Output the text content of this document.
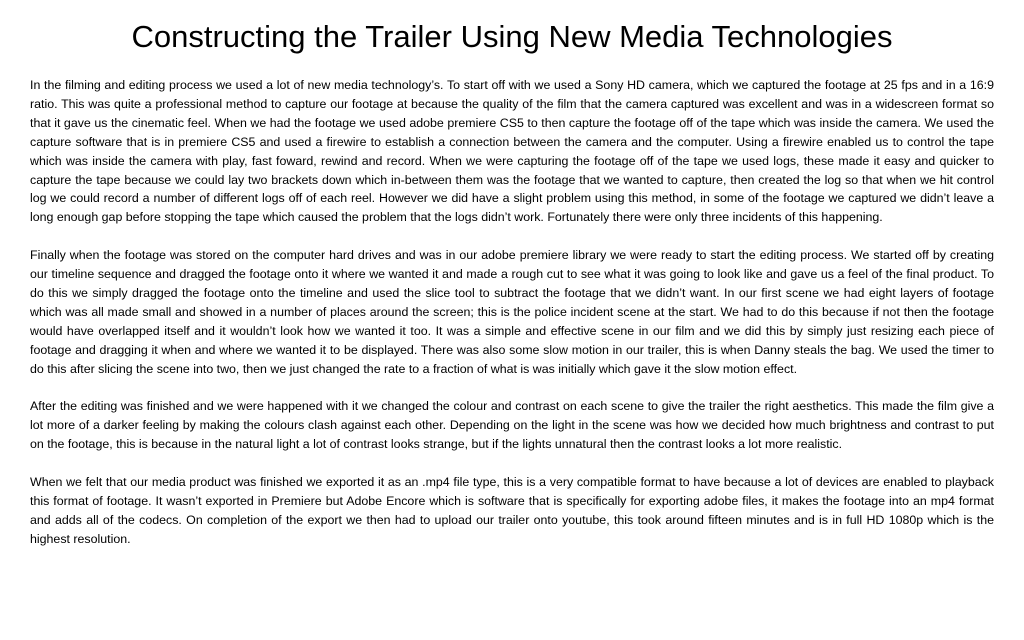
Constructing the Trailer Using New Media Technologies

In the filming and editing process we used a lot of new media technology’s. To start off with we used a Sony HD camera, which we captured the footage at 25 fps and in a 16:9 ratio. This was quite a professional method to capture our footage at because the quality of the film that the camera captured was excellent and was in a widescreen format so that it gave us the cinematic feel. When we had the footage we used adobe premiere CS5 to then capture the footage off of the tape which was inside the camera. We used the capture software that is in premiere CS5 and used a firewire to establish a connection between the camera and the computer. Using a firewire enabled us to control the tape which was inside the camera with play, fast foward, rewind and record. When we were capturing the footage off of the tape we used logs, these made it easy and quicker to capture the tape because we could lay two brackets down which in-between them was the footage that we wanted to capture, then created the log so that when we hit control log we could record a number of different logs off of each reel. However we did have a slight problem using this method, in some of the footage we captured we didn’t leave a long enough gap before stopping the tape which caused the problem that the logs didn’t work. Fortunately there were only three incidents of this happening.

Finally when the footage was stored on the computer hard drives and was in our adobe premiere library we were ready to start the editing process. We started off by creating our timeline sequence and dragged the footage onto it where we wanted it and made a rough cut to see what it was going to look like and gave us a feel of the final product. To do this we simply dragged the footage onto the timeline and used the slice tool to subtract the footage that we didn’t want. In our first scene we had eight layers of footage which was all made small and showed in a number of places around the screen; this is the police incident scene at the start. We had to do this because if not then the footage would have overlapped itself and it wouldn’t look how we wanted it too. It was a simple and effective scene in our film and we did this by simply just resizing each piece of footage and dragging it when and where we wanted it to be displayed. There was also some slow motion in our trailer, this is when Danny steals the bag. We used the timer to do this after slicing the scene into two, then we just changed the rate to a fraction of what is was initially which gave it the slow motion effect.

After the editing was finished and we were happened with it we changed the colour and contrast on each scene to give the trailer the right aesthetics. This made the film give a lot more of a darker feeling by making the colours clash against each other. Depending on the light in the scene was how we decided how much brightness and contrast to put on the footage, this is because in the natural light a lot of contrast looks strange, but if the lights unnatural then the contrast looks a lot more realistic.

When we felt that our media product was finished we exported it as an .mp4 file type, this is a very compatible format to have because a lot of devices are enabled to playback this format of footage. It wasn’t exported in Premiere but Adobe Encore which is software that is specifically for exporting adobe files, it makes the footage into an mp4 format and adds all of the codecs. On completion of the export we then had to upload our trailer onto youtube, this took around fifteen minutes and is in full HD 1080p which is the highest resolution.
